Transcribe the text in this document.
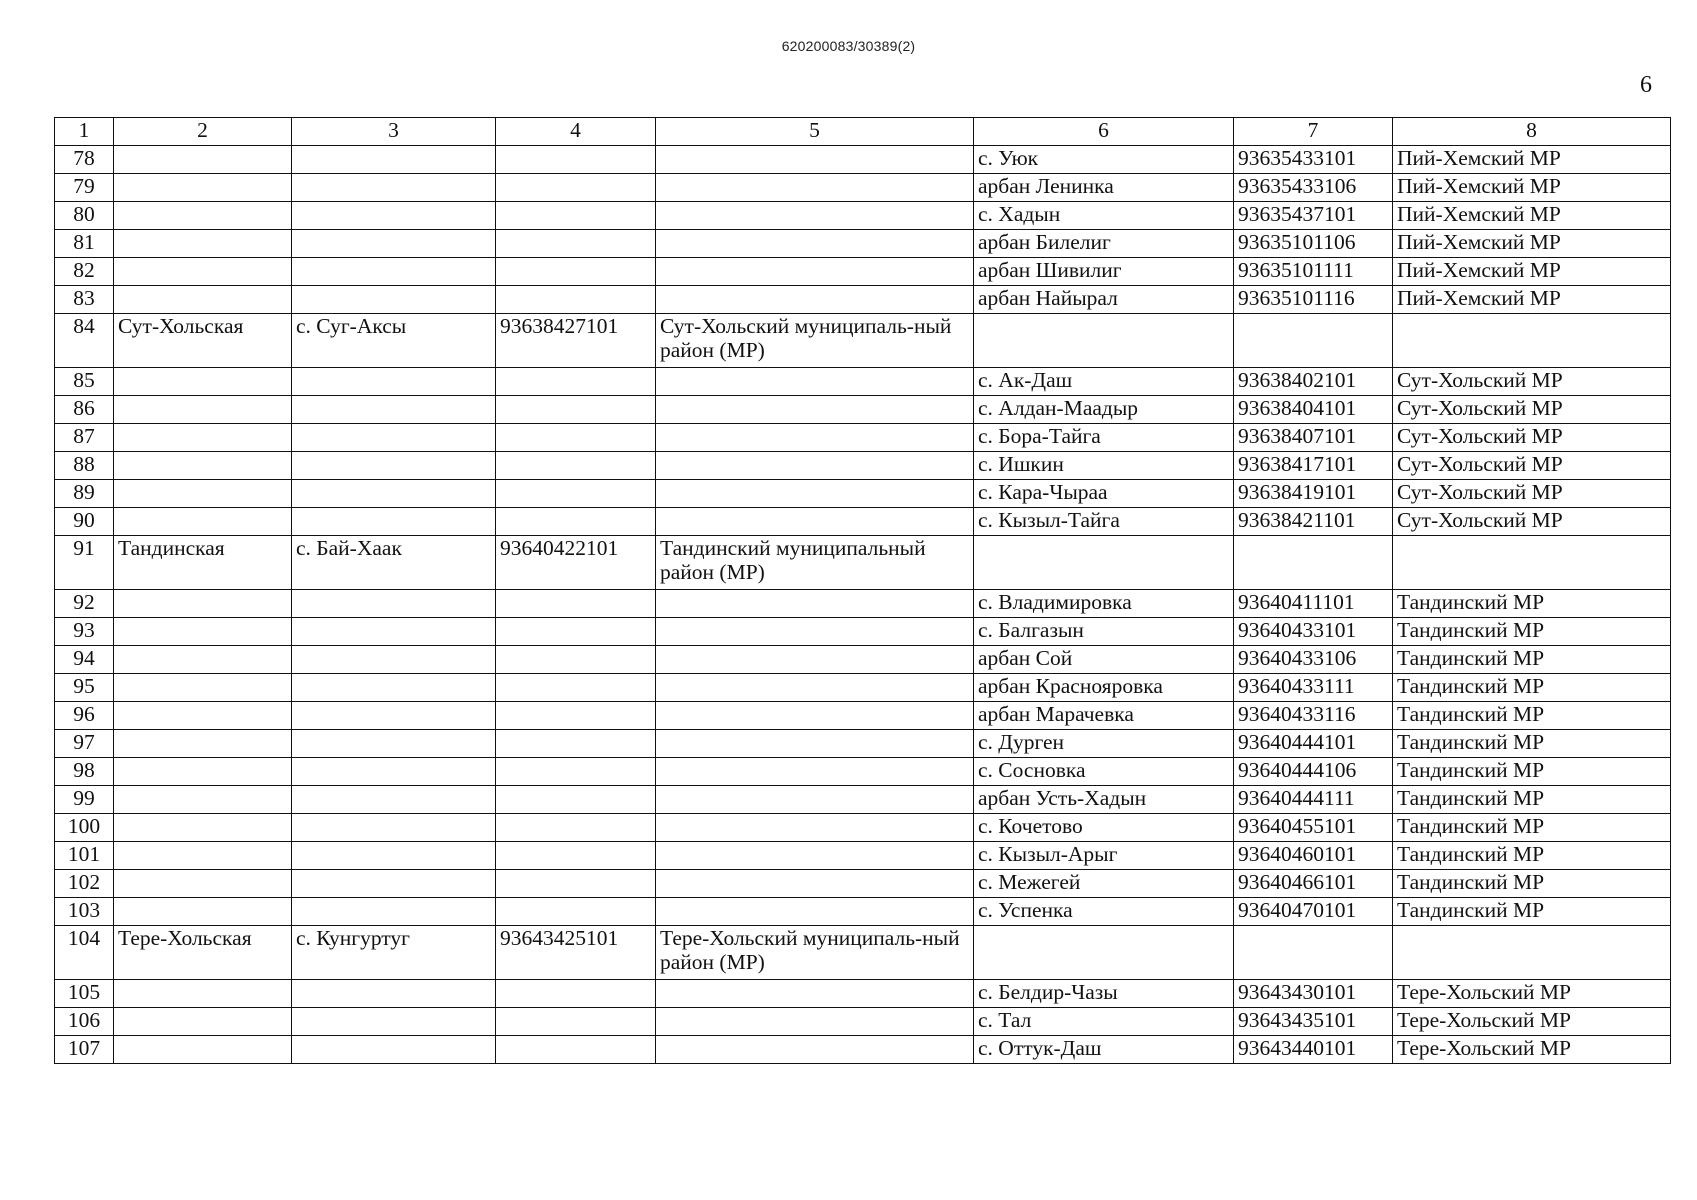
620200083/30389(2)
6
1	2	3	4	5	6	7	8
78					с. Уюк	93635433101	Пий-Хемский МР
79					арбан Ленинка	93635433106	Пий-Хемский МР
80					с. Хадын	93635437101	Пий-Хемский МР
81					арбан Билелиг	93635101106	Пий-Хемский МР
82					арбан Шивилиг	93635101111	Пий-Хемский МР
83					арбан Найырал	93635101116	Пий-Хемский МР
84	Сут-Хольская	с. Суг-Аксы	93638427101	Сут-Хольский муниципаль-ный район (МР)			
85					с. Ак-Даш	93638402101	Сут-Хольский МР
86					с. Алдан-Маадыр	93638404101	Сут-Хольский МР
87					с. Бора-Тайга	93638407101	Сут-Хольский МР
88					с. Ишкин	93638417101	Сут-Хольский МР
89					с. Кара-Чыраа	93638419101	Сут-Хольский МР
90					с. Кызыл-Тайга	93638421101	Сут-Хольский МР
91	Тандинская	с. Бай-Хаак	93640422101	Тандинский муниципальный район (МР)			
92					с. Владимировка	93640411101	Тандинский МР
93					с. Балгазын	93640433101	Тандинский МР
94					арбан Сой	93640433106	Тандинский МР
95					арбан Краснояровка	93640433111	Тандинский МР
96					арбан Марачевка	93640433116	Тандинский МР
97					с. Дурген	93640444101	Тандинский МР
98					с. Сосновка	93640444106	Тандинский МР
99					арбан Усть-Хадын	93640444111	Тандинский МР
100					с. Кочетово	93640455101	Тандинский МР
101					с. Кызыл-Арыг	93640460101	Тандинский МР
102					с. Межегей	93640466101	Тандинский МР
103					с. Успенка	93640470101	Тандинский МР
104	Тере-Хольская	с. Кунгуртуг	93643425101	Тере-Хольский муниципаль-ный район (МР)			
105					с. Белдир-Чазы	93643430101	Тере-Хольский МР
106					с. Тал	93643435101	Тере-Хольский МР
107					с. Оттук-Даш	93643440101	Тере-Хольский МР
